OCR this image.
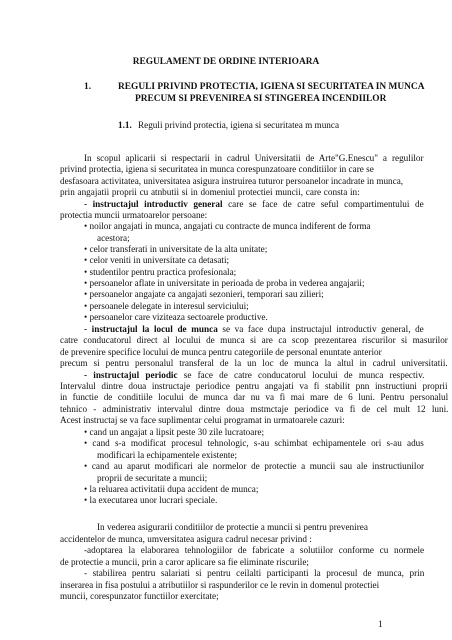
REGULAMENT DE ORDINE INTERIOARA
1.	REGULI PRIVIND PROTECTIA, IGIENA SI SECURITATEA IN MUNCA
PRECUM SI PREVENIREA SI STINGEREA INCENDIILOR
1.1. Reguli privind protectia, igiena si securitatea m munca
In scopul aplicarii si respectarii in cadrul Universitatii de Arte"G.Enescu" a regulilor
privind protectia, igiena si securitatea in munca corespunzatoare conditiilor in care se
desfasoara activitatea, universitatea asigura instruirea tuturor persoanelor incadrate in munca,
prin angajatii proprii cu atnbutii si in domeniul protectiei muncii, care consta in:
- instructajul introductiv general care se face de catre seful compartimentului de
protectia muncii urmatoarelor persoane:
• noilor angajati in munca, angajati cu contracte de munca indiferent de forma
acestora;
• celor transferati in universitate de la alta unitate;
• celor veniti in universitate ca detasati;
• studentilor pentru practica profesionala;
• persoanelor aflate in universitate in perioada de proba in vederea angajarii;
• persoanelor angajate ca angajati sezonieri, temporari sau zilieri;
• persoanele delegate in interesul serviciului;
• persoanelor care viziteaza sectoarele productive.
- instructajul la locul de munca se va face dupa instructajul introductiv general, de
catre conducatorul direct al locului de munca si are ca scop prezentarea riscurilor si masurilor
de prevenire specifice locului de munca pentru categoriile de personal enuntate anterior
precum si pentru personalul transferal de la un loc de munca la altul in cadrul universitatii.
- instructajul periodic se face de catre conducatorul locului de munca respectiv.
Intervalul dintre doua instructaje periodice pentru angajati va fi stabilit pnn instructiuni proprii
in functie de conditiile locului de munca dar nu va fi mai mare de 6 luni. Pentru personalul
tehnico - administrativ intervalul dintre doua mstmctaje periodice va fi de cel mult 12 luni.
Acest instructaj se va face suplimentar celui programat in urmatoarele cazuri:
• cand un angajat a lipsit peste 30 zile lucratoare;
• cand s-a modificat procesul tehnologic, s-au schimbat echipamentele ori s-au adus
modificari la echipamentele existente;
• cand au aparut modificari ale normelor de protectie a muncii sau ale instructiunilor
proprii de securitate a muncii;
• la reluarea activitatii dupa accident de munca;
• la executarea unor lucrari speciale.
In vederea asigurarii conditiilor de protectie a muncii si pentru prevenirea
accidentelor de munca, umversitatea asigura cadrul necesar privind :
-adoptarea la elaborarea tehnologiilor de fabricate a solutiilor conforme cu normele
de protectie a muncii, prin a caror aplicare sa fie eliminate riscurile;
- stabilirea pentru salariati si pentru ceilalti participanti la procesul de munca, prin
inserarea in fisa postului a atributiilor si raspunderilor ce le revin in domenul protectiei
muncii, corespunzator functiilor exercitate;
1
